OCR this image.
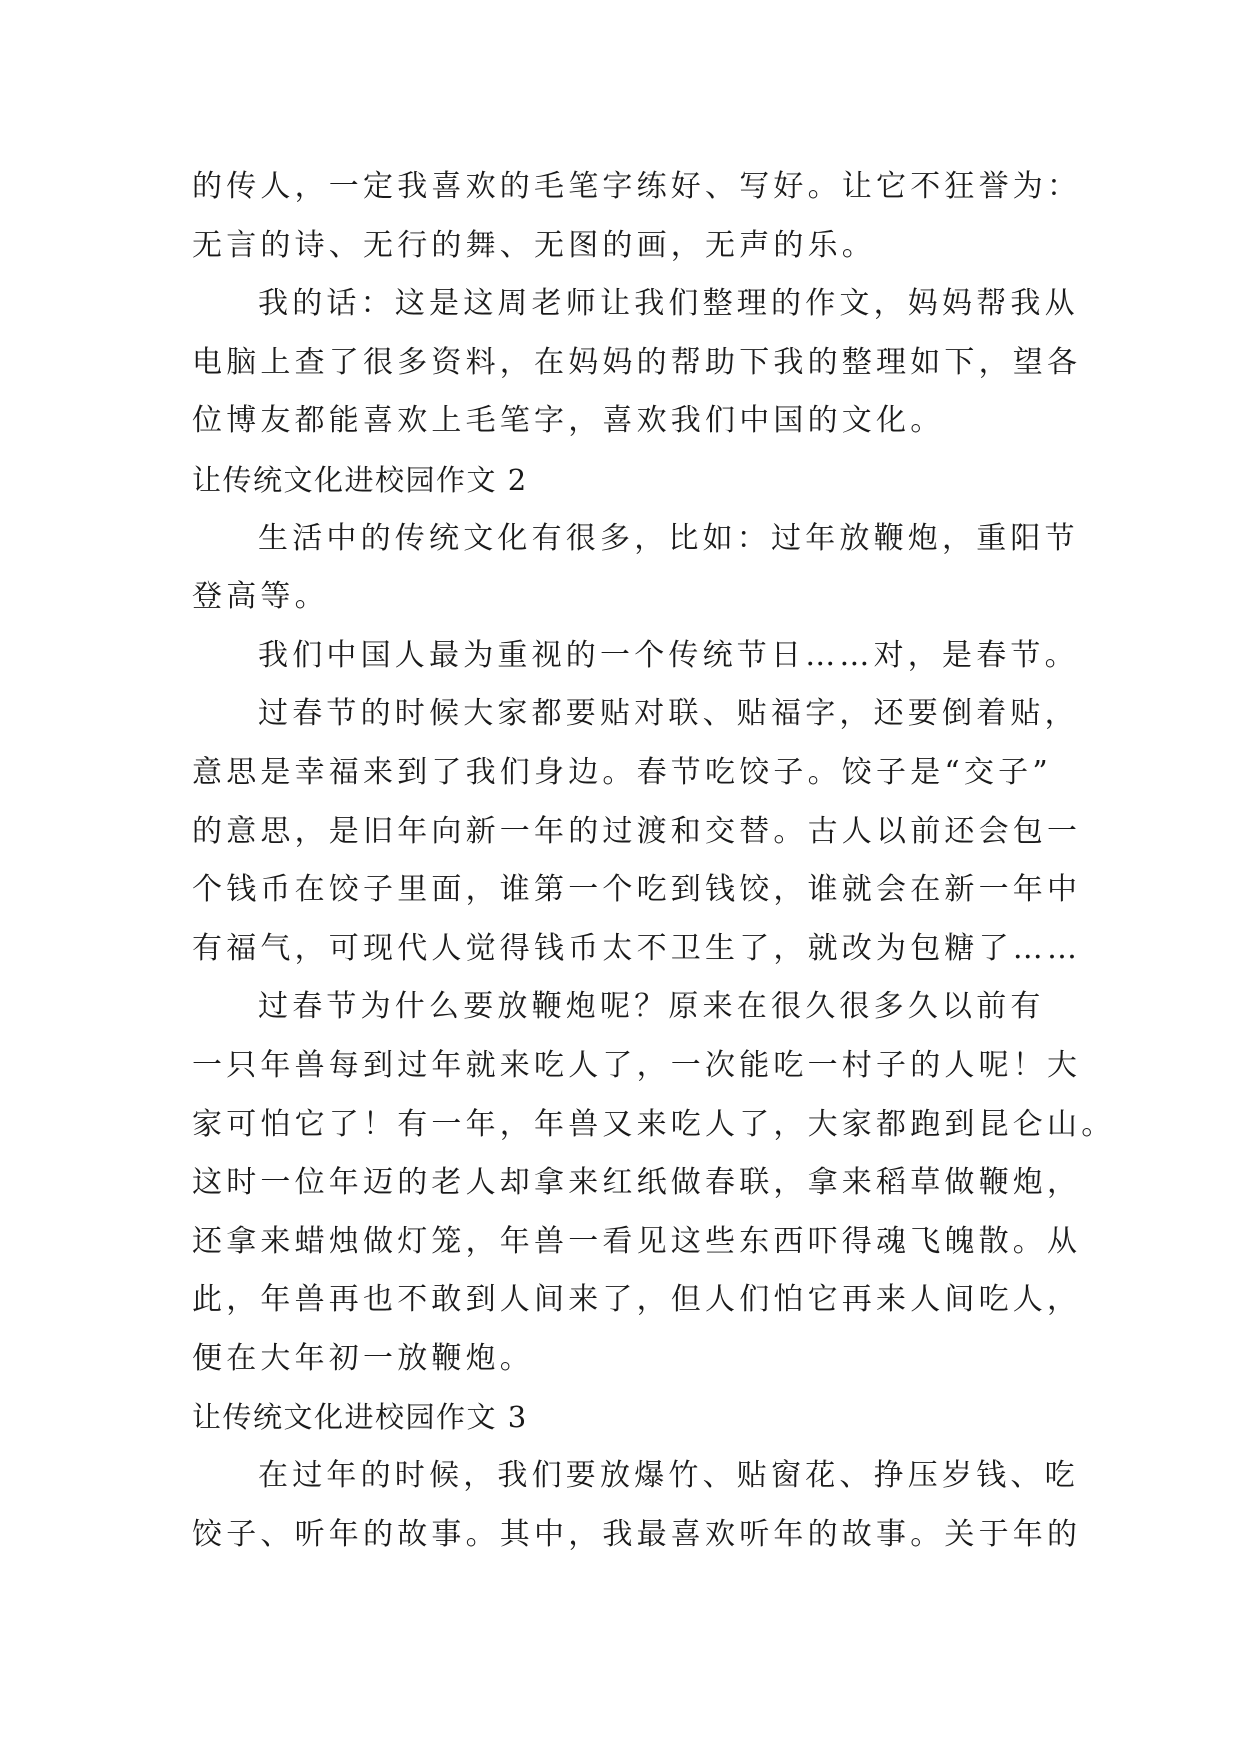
的传人，一定我喜欢的毛笔字练好、写好。让它不狂誉为：
无言的诗、无行的舞、无图的画，无声的乐。
我的话：这是这周老师让我们整理的作文，妈妈帮我从
电脑上查了很多资料，在妈妈的帮助下我的整理如下，望各
位博友都能喜欢上毛笔字，喜欢我们中国的文化。
让传统文化进校园作文 2
生活中的传统文化有很多，比如：过年放鞭炮，重阳节
登高等。
我们中国人最为重视的一个传统节日……对，是春节。
过春节的时候大家都要贴对联、贴福字，还要倒着贴，
意思是幸福来到了我们身边。春节吃饺子。饺子是“交子”
的意思，是旧年向新一年的过渡和交替。古人以前还会包一
个钱币在饺子里面，谁第一个吃到钱饺，谁就会在新一年中
有福气，可现代人觉得钱币太不卫生了，就改为包糖了……
过春节为什么要放鞭炮呢？原来在很久很多久以前有
一只年兽每到过年就来吃人了，一次能吃一村子的人呢！大
家可怕它了！有一年，年兽又来吃人了，大家都跑到昆仑山。
这时一位年迈的老人却拿来红纸做春联，拿来稻草做鞭炮，
还拿来蜡烛做灯笼，年兽一看见这些东西吓得魂飞魄散。从
此，年兽再也不敢到人间来了，但人们怕它再来人间吃人，
便在大年初一放鞭炮。
让传统文化进校园作文 3
在过年的时候，我们要放爆竹、贴窗花、挣压岁钱、吃
饺子、听年的故事。其中，我最喜欢听年的故事。关于年的
